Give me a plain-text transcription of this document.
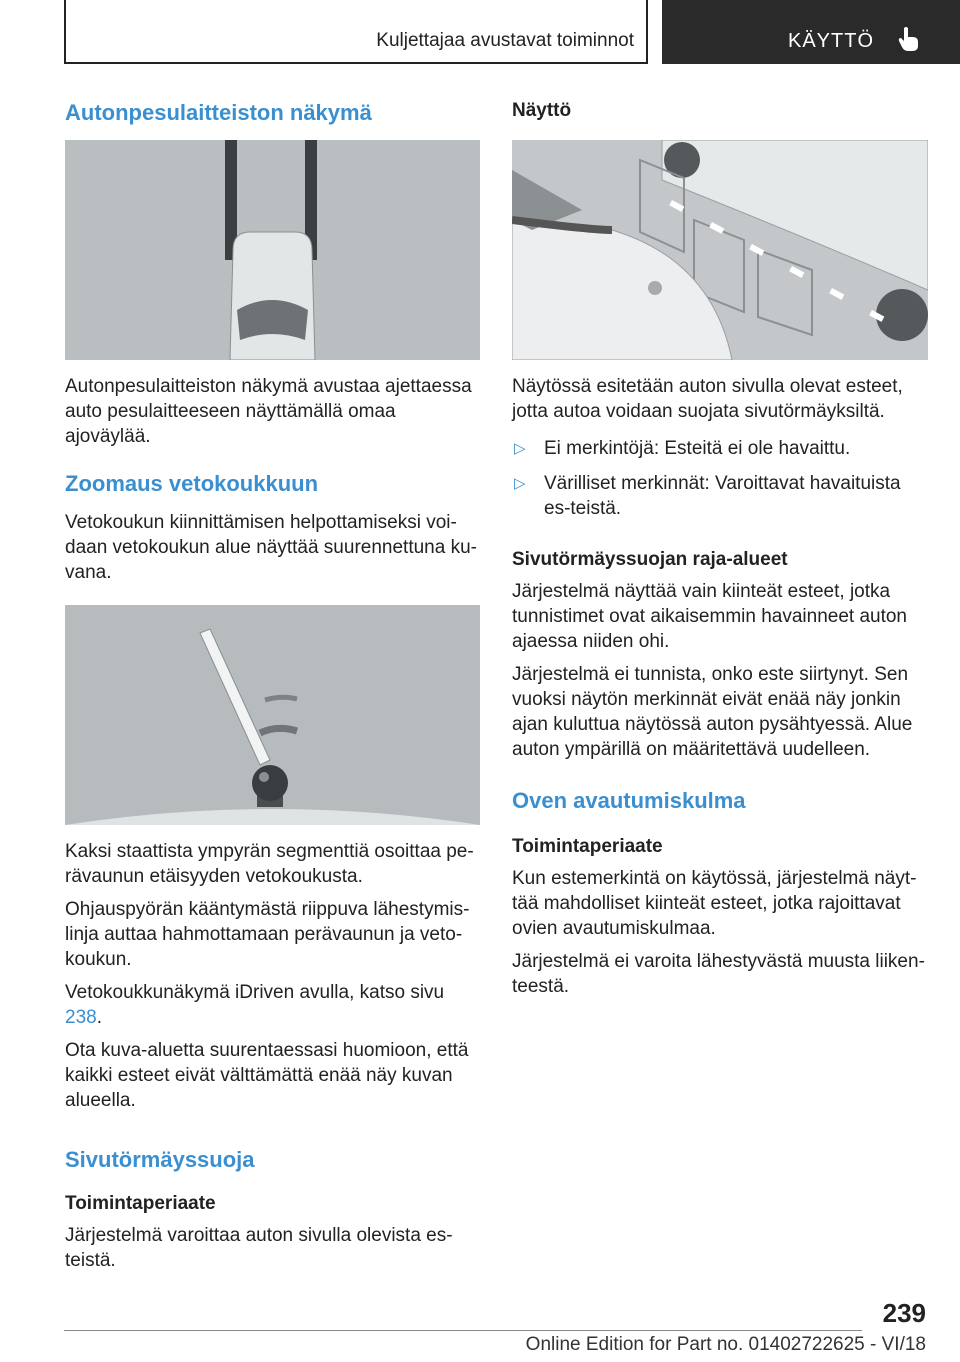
Kuljettajaa avustavat toiminnot	KÄYTTÖ
Autonpesulaitteiston näkymä
Autonpesulaitteiston näkymä avustaa ajettaessa auto pesulaitteeseen näyttämällä omaa ajoväylää.
Zoomaus vetokoukkuun
Vetokoukun kiinnittämisen helpottamiseksi voi-daan vetokoukun alue näyttää suurennettuna ku-vana.
Kaksi staattista ympyrän segmenttiä osoittaa pe-rävaunun etäisyyden vetokoukusta.
Ohjauspyörän kääntymästä riippuva lähestymis-linja auttaa hahmottamaan perävaunun ja veto-koukun.
Vetokoukkunäkymä iDriven avulla, katso sivu 238.
Ota kuva-aluetta suurentaessasi huomioon, että kaikki esteet eivät välttämättä enää näy kuvan alueella.
Sivutörmäyssuoja
Toimintaperiaate
Järjestelmä varoittaa auton sivulla olevista es-teistä.
Näyttö
Näytössä esitetään auton sivulla olevat esteet, jotta autoa voidaan suojata sivutörmäyksiltä.
▷ Ei merkintöjä: Esteitä ei ole havaittu.
▷ Värilliset merkinnät: Varoittavat havaituista es-teistä.
Sivutörmäyssuojan raja-alueet
Järjestelmä näyttää vain kiinteät esteet, jotka tunnistimet ovat aikaisemmin havainneet auton ajaessa niiden ohi.
Järjestelmä ei tunnista, onko este siirtynyt. Sen vuoksi näytön merkinnät eivät enää näy jonkin ajan kuluttua näytössä auton pysähtyessä. Alue auton ympärillä on määritettävä uudelleen.
Oven avautumiskulma
Toimintaperiaate
Kun estemerkintä on käytössä, järjestelmä näyt-tää mahdolliset kiinteät esteet, jotka rajoittavat ovien avautumiskulmaa.
Järjestelmä ei varoita lähestyvästä muusta liiken-teestä.
239
Online Edition for Part no. 01402722625 - VI/18
